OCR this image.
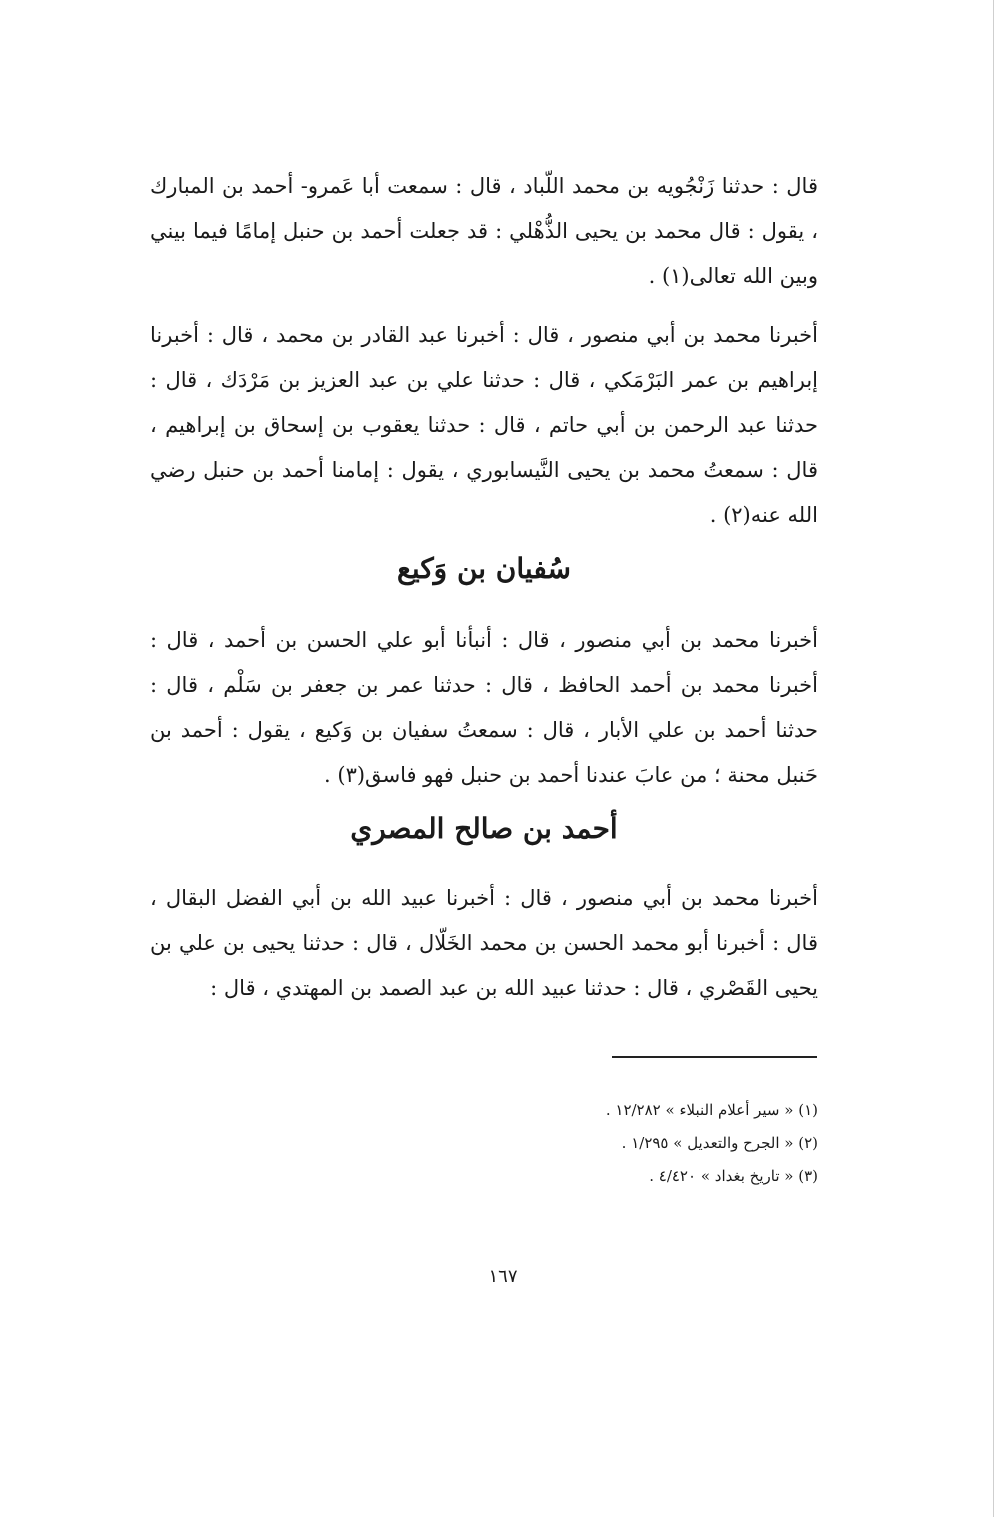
قال : حدثنا زَنْجُويه بن محمد اللّباد ، قال : سمعت أبا عَمرو- أحمد بن المبارك ، يقول : قال محمد بن يحيى الذُّهْلي : قد جعلت أحمد بن حنبل إمامًا فيما بيني وبين الله تعالى(١) .

أخبرنا محمد بن أبي منصور ، قال : أخبرنا عبد القادر بن محمد ، قال : أخبرنا إبراهيم بن عمر البَرْمَكي ، قال : حدثنا علي بن عبد العزيز بن مَرْدَك ، قال : حدثنا عبد الرحمن بن أبي حاتم ، قال : حدثنا يعقوب بن إسحاق بن إبراهيم ، قال : سمعتُ محمد بن يحيى النَّيسابوري ، يقول : إمامنا أحمد بن حنبل رضي الله عنه(٢) .

سُفيان بن وَكيع

أخبرنا محمد بن أبي منصور ، قال : أنبأنا أبو علي الحسن بن أحمد ، قال : أخبرنا محمد بن أحمد الحافظ ، قال : حدثنا عمر بن جعفر بن سَلْم ، قال : حدثنا أحمد بن علي الأبار ، قال : سمعتُ سفيان بن وَكيع ، يقول : أحمد بن حَنبل محنة ؛ من عابَ عندنا أحمد بن حنبل فهو فاسق(٣) .

أحمد بن صالح المصري

أخبرنا محمد بن أبي منصور ، قال : أخبرنا عبيد الله بن أبي الفضل البقال ، قال : أخبرنا أبو محمد الحسن بن محمد الخَلّال ، قال : حدثنا يحيى بن علي بن يحيى القَصْري ، قال : حدثنا عبيد الله بن عبد الصمد بن المهتدي ، قال :

(١) « سير أعلام النبلاء » ١٢/٢٨٢ .

(٢) « الجرح والتعديل » ١/٢٩٥ .

(٣) « تاريخ بغداد » ٤/٤٢٠ .

١٦٧
